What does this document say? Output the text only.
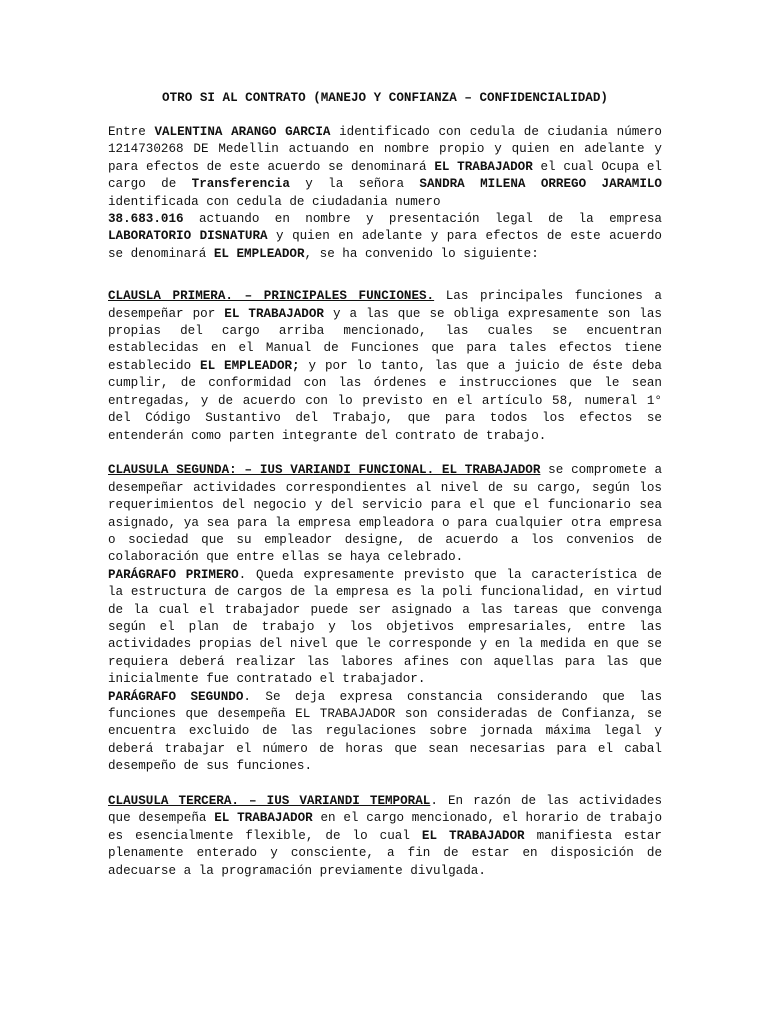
OTRO SI AL CONTRATO (MANEJO Y CONFIANZA – CONFIDENCIALIDAD)

Entre VALENTINA ARANGO GARCIA identificado con cedula de ciudania número 1214730268 DE Medellin actuando en nombre propio y quien en adelante y para efectos de este acuerdo se denominará EL TRABAJADOR el cual Ocupa el cargo de Transferencia y la señora SANDRA MILENA ORREGO JARAMILO identificada con cedula de ciudadania numero
38.683.016 actuando en nombre y presentación legal de la empresa LABORATORIO DISNATURA y quien en adelante y para efectos de este acuerdo se denominará EL EMPLEADOR, se ha convenido lo siguiente:

CLAUSLA PRIMERA. – PRINCIPALES FUNCIONES. Las principales funciones a desempeñar por EL TRABAJADOR y a las que se obliga expresamente son las propias del cargo arriba mencionado, las cuales se encuentran establecidas en el Manual de Funciones que para tales efectos tiene establecido EL EMPLEADOR; y por lo tanto, las que a juicio de éste deba cumplir, de conformidad con las órdenes e instrucciones que le sean entregadas, y de acuerdo con lo previsto en el artículo 58, numeral 1° del Código Sustantivo del Trabajo, que para todos los efectos se entenderán como parten integrante del contrato de trabajo.

CLAUSULA SEGUNDA: – IUS VARIANDI FUNCIONAL. EL TRABAJADOR se compromete a desempeñar actividades correspondientes al nivel de su cargo, según los requerimientos del negocio y del servicio para el que el funcionario sea asignado, ya sea para la empresa empleadora o para cualquier otra empresa o sociedad que su empleador designe, de acuerdo a los convenios de colaboración que entre ellas se haya celebrado.

PARÁGRAFO PRIMERO. Queda expresamente previsto que la característica de la estructura de cargos de la empresa es la poli funcionalidad, en virtud de la cual el trabajador puede ser asignado a las tareas que convenga según el plan de trabajo y los objetivos empresariales, entre las actividades propias del nivel que le corresponde y en la medida en que se requiera deberá realizar las labores afines con aquellas para las que inicialmente fue contratado el trabajador.

PARÁGRAFO SEGUNDO. Se deja expresa constancia considerando que las funciones que desempeña EL TRABAJADOR son consideradas de Confianza, se encuentra excluido de las regulaciones sobre jornada máxima legal y deberá trabajar el número de horas que sean necesarias para el cabal desempeño de sus funciones.

CLAUSULA TERCERA. – IUS VARIANDI TEMPORAL. En razón de las actividades que desempeña EL TRABAJADOR en el cargo mencionado, el horario de trabajo es esencialmente flexible, de lo cual EL TRABAJADOR manifiesta estar plenamente enterado y consciente, a fin de estar en disposición de adecuarse a la programación previamente divulgada.
